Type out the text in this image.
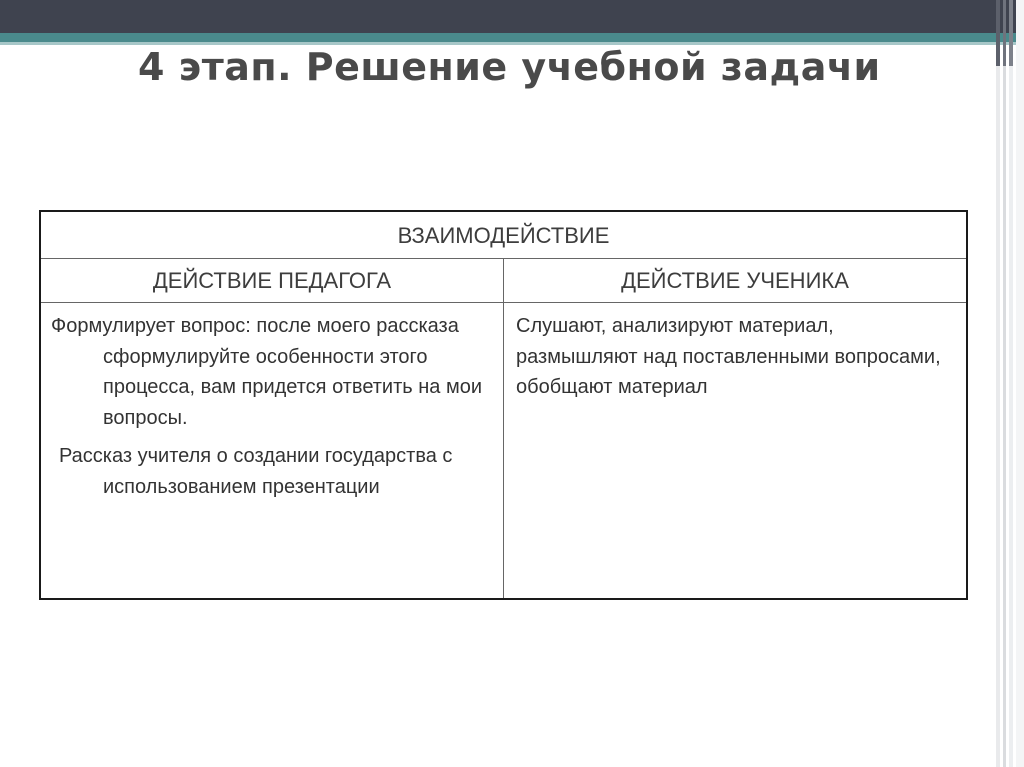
4 этап. Решение учебной задачи
ВЗАИМОДЕЙСТВИЕ
ДЕЙСТВИЕ ПЕДАГОГА	ДЕЙСТВИЕ УЧЕНИКА

Формулирует вопрос: после моего рассказа сформулируйте особенности этого процесса, вам придется ответить на мои вопросы.

Рассказ учителя о создании государства с использованием презентации

Слушают, анализируют материал, размышляют над поставленными вопросами, обобщают материал
